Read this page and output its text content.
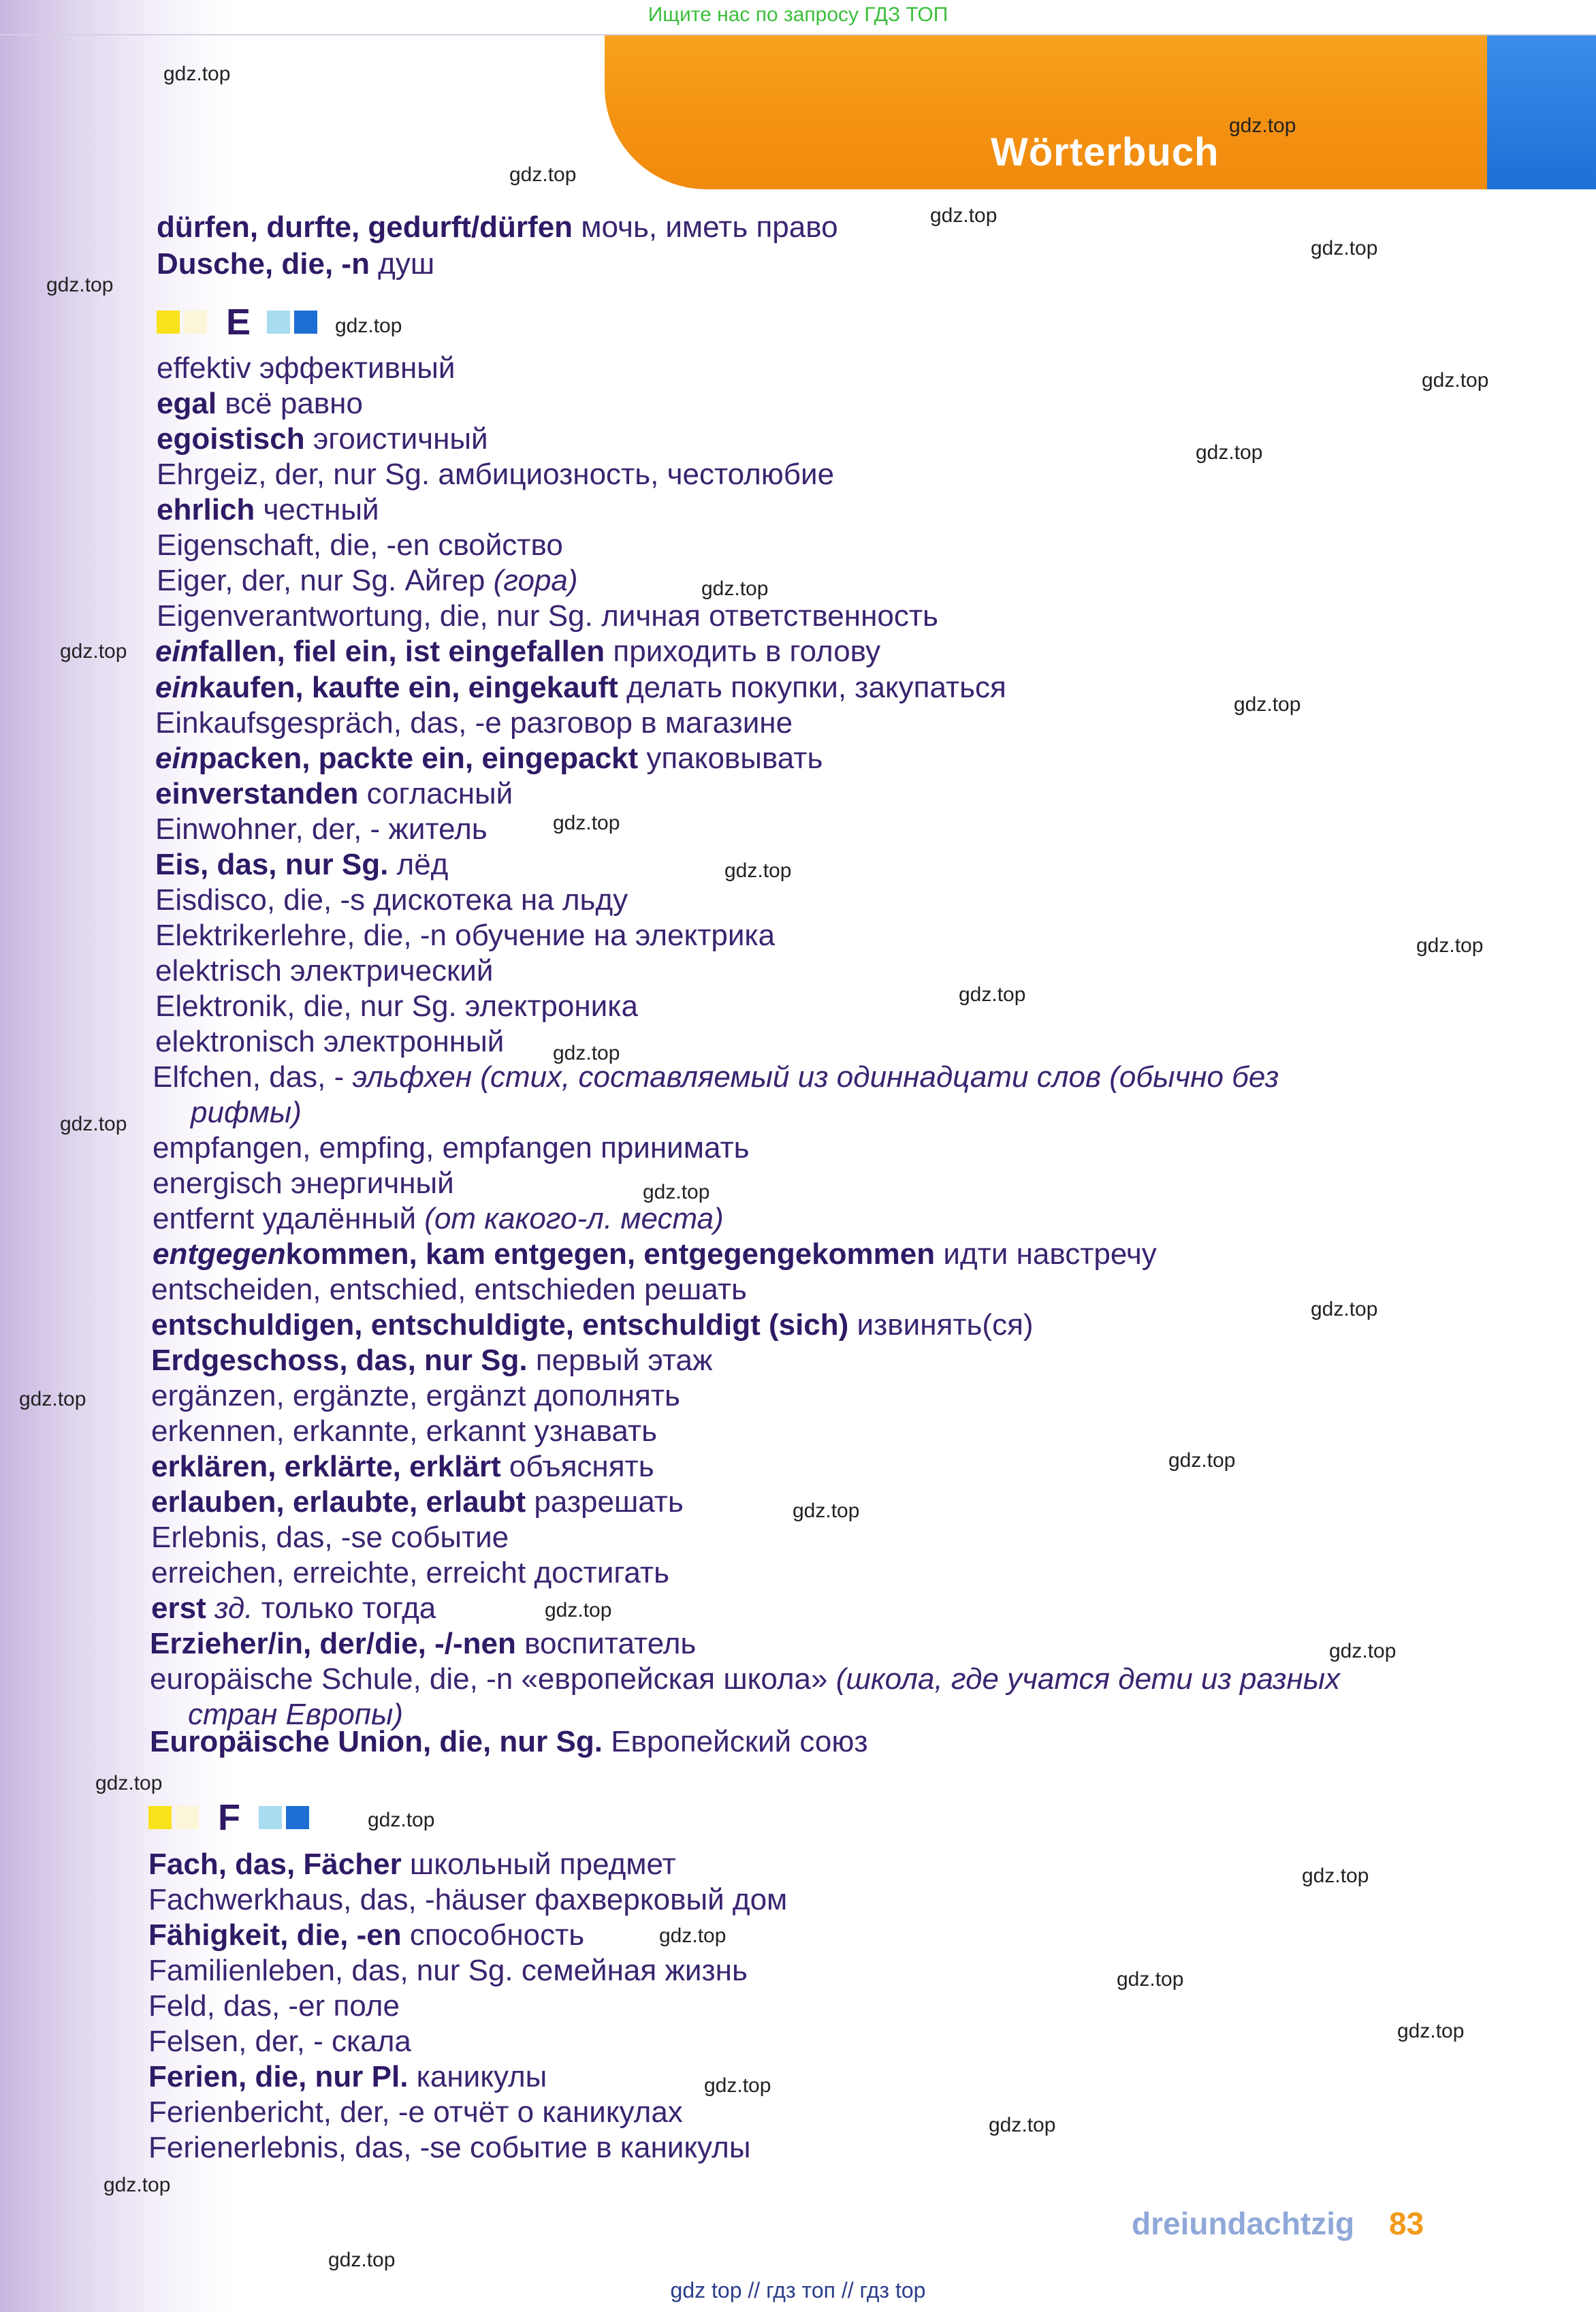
Ищите нас по запросу ГДЗ ТОП
Wörterbuch
E
F
dürfen, durfte, gedurft/dürfen мочь, иметь право
Dusche, die, -n душ
effektiv эффективный
egal всё равно
egoistisch эгоистичный
Ehrgeiz, der, nur Sg. амбициозность, честолюбие
ehrlich честный
Eigenschaft, die, -en свойство
Eiger, der, nur Sg. Айгер (гора)
Eigenverantwortung, die, nur Sg. личная ответственность
einfallen, fiel ein, ist eingefallen приходить в голову
einkaufen, kaufte ein, eingekauft делать покупки, закупаться
Einkaufsgespräch, das, -e разговор в магазине
einpacken, packte ein, eingepackt упаковывать
einverstanden согласный
Einwohner, der, - житель
Eis, das, nur Sg. лёд
Eisdisco, die, -s дискотека на льду
Elektrikerlehre, die, -n обучение на электрика
elektrisch электрический
Elektronik, die, nur Sg. электроника
elektronisch электронный
Elfchen, das, - эльфхен (стих, составляемый из одиннадцати слов (обычно без
рифмы)
empfangen, empfing, empfangen принимать
energisch энергичный
entfernt удалённый (от какого-л. места)
entgegenkommen, kam entgegen, entgegengekommen идти навстречу
entscheiden, entschied, entschieden решать
entschuldigen, entschuldigte, entschuldigt (sich) извинять(ся)
Erdgeschoss, das, nur Sg. первый этаж
ergänzen, ergänzte, ergänzt дополнять
erkennen, erkannte, erkannt узнавать
erklären, erklärte, erklärt объяснять
erlauben, erlaubte, erlaubt разрешать
Erlebnis, das, -se событие
erreichen, erreichte, erreicht достигать
erst зд. только тогда
Erzieher/in, der/die, -/-nen воспитатель
europäische Schule, die, -n «европейская школа» (школа, где учатся дети из разных
стран Европы)
Europäische Union, die, nur Sg. Европейский союз
Fach, das, Fächer школьный предмет
Fachwerkhaus, das, -häuser фахверковый дом
Fähigkeit, die, -en способность
Familienleben, das, nur Sg. семейная жизнь
Feld, das, -er поле
Felsen, der, - скала
Ferien, die, nur Pl. каникулы
Ferienbericht, der, -e отчёт о каникулах
Ferienerlebnis, das, -se событие в каникулы
gdz.top
gdz.top
gdz.top
gdz.top
gdz.top
gdz.top
gdz.top
gdz.top
gdz.top
gdz.top
gdz.top
gdz.top
gdz.top
gdz.top
gdz.top
gdz.top
gdz.top
gdz.top
gdz.top
gdz.top
gdz.top
gdz.top
gdz.top
gdz.top
gdz.top
gdz.top
gdz.top
gdz.top
gdz.top
gdz.top
gdz.top
gdz.top
gdz.top
gdz.top
gdz.top
dreiundachtzig 83
gdz top // гдз топ // гдз top
